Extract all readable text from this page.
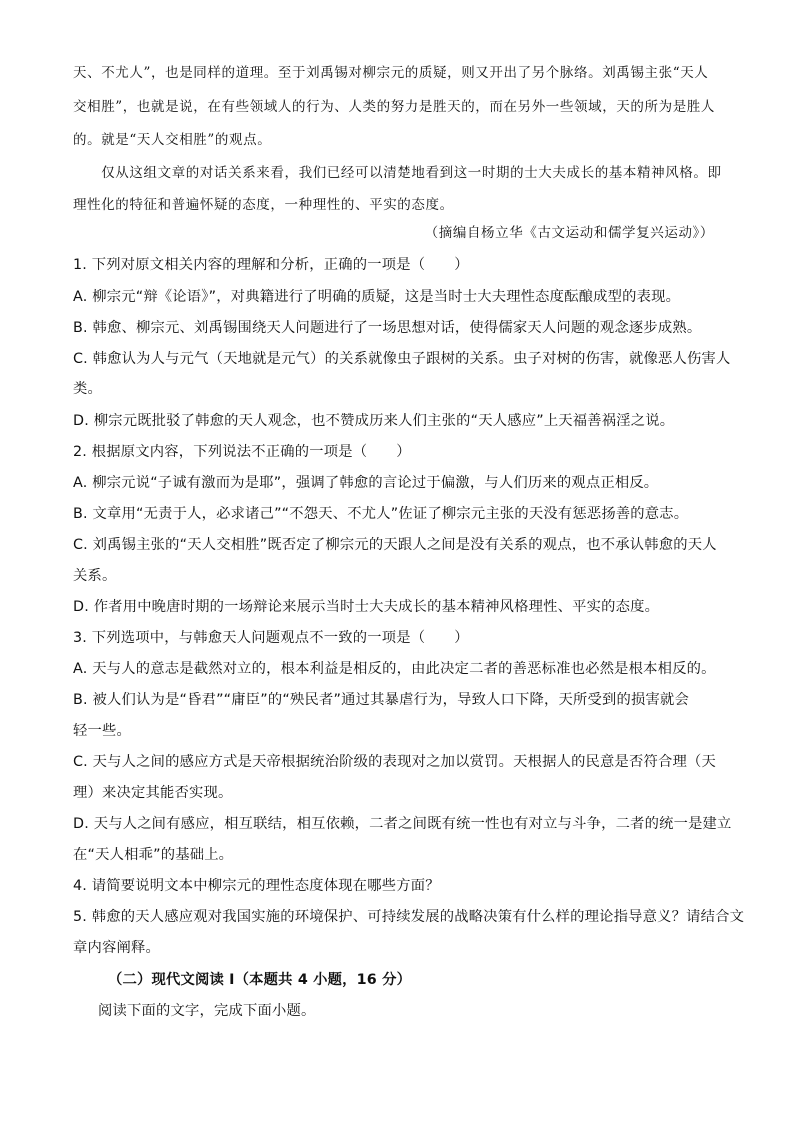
天、不尤人”，也是同样的道理。至于刘禹锡对柳宗元的质疑，则又开出了另个脉络。刘禹锡主张“天人
交相胜”，也就是说，在有些领域人的行为、人类的努力是胜天的，而在另外一些领域，天的所为是胜人
的。就是“天人交相胜”的观点。
　　仅从这组文章的对话关系来看，我们已经可以清楚地看到这一时期的士大夫成长的基本精神风格。即
理性化的特征和普遍怀疑的态度，一种理性的、平实的态度。
（摘编自杨立华《古文运动和儒学复兴运动》）
1. 下列对原文相关内容的理解和分析，正确的一项是（　　）
A. 柳宗元“辩《论语》”，对典籍进行了明确的质疑，这是当时士大夫理性态度酝酿成型的表现。
B. 韩愈、柳宗元、刘禹锡围绕天人问题进行了一场思想对话，使得儒家天人问题的观念逐步成熟。
C. 韩愈认为人与元气（天地就是元气）的关系就像虫子跟树的关系。虫子对树的伤害，就像恶人伤害人
类。
D. 柳宗元既批驳了韩愈的天人观念，也不赞成历来人们主张的“天人感应”上天福善祸淫之说。
2. 根据原文内容，下列说法不正确的一项是（　　）
A. 柳宗元说“子诚有激而为是耶”，强调了韩愈的言论过于偏激，与人们历来的观点正相反。
B. 文章用“无责于人，必求诸己”“不怨天、不尤人”佐证了柳宗元主张的天没有惩恶扬善的意志。
C. 刘禹锡主张的“天人交相胜”既否定了柳宗元的天跟人之间是没有关系的观点，也不承认韩愈的天人
关系。
D. 作者用中晚唐时期的一场辩论来展示当时士大夫成长的基本精神风格理性、平实的态度。
3. 下列选项中，与韩愈天人问题观点不一致的一项是（　　）
A. 天与人的意志是截然对立的，根本利益是相反的，由此决定二者的善恶标准也必然是根本相反的。
B. 被人们认为是“昏君”“庸臣”的“殃民者”通过其暴虐行为，导致人口下降，天所受到的损害就会
轻一些。
C. 天与人之间的感应方式是天帝根据统治阶级的表现对之加以赏罚。天根据人的民意是否符合理（天
理）来决定其能否实现。
D. 天与人之间有感应，相互联结，相互依赖，二者之间既有统一性也有对立与斗争，二者的统一是建立
在“天人相乖”的基础上。
4. 请简要说明文本中柳宗元的理性态度体现在哪些方面？
5. 韩愈的天人感应观对我国实施的环境保护、可持续发展的战略决策有什么样的理论指导意义？请结合文
章内容阐释。
（二）现代文阅读 I（本题共 4 小题，16 分）
阅读下面的文字，完成下面小题。
